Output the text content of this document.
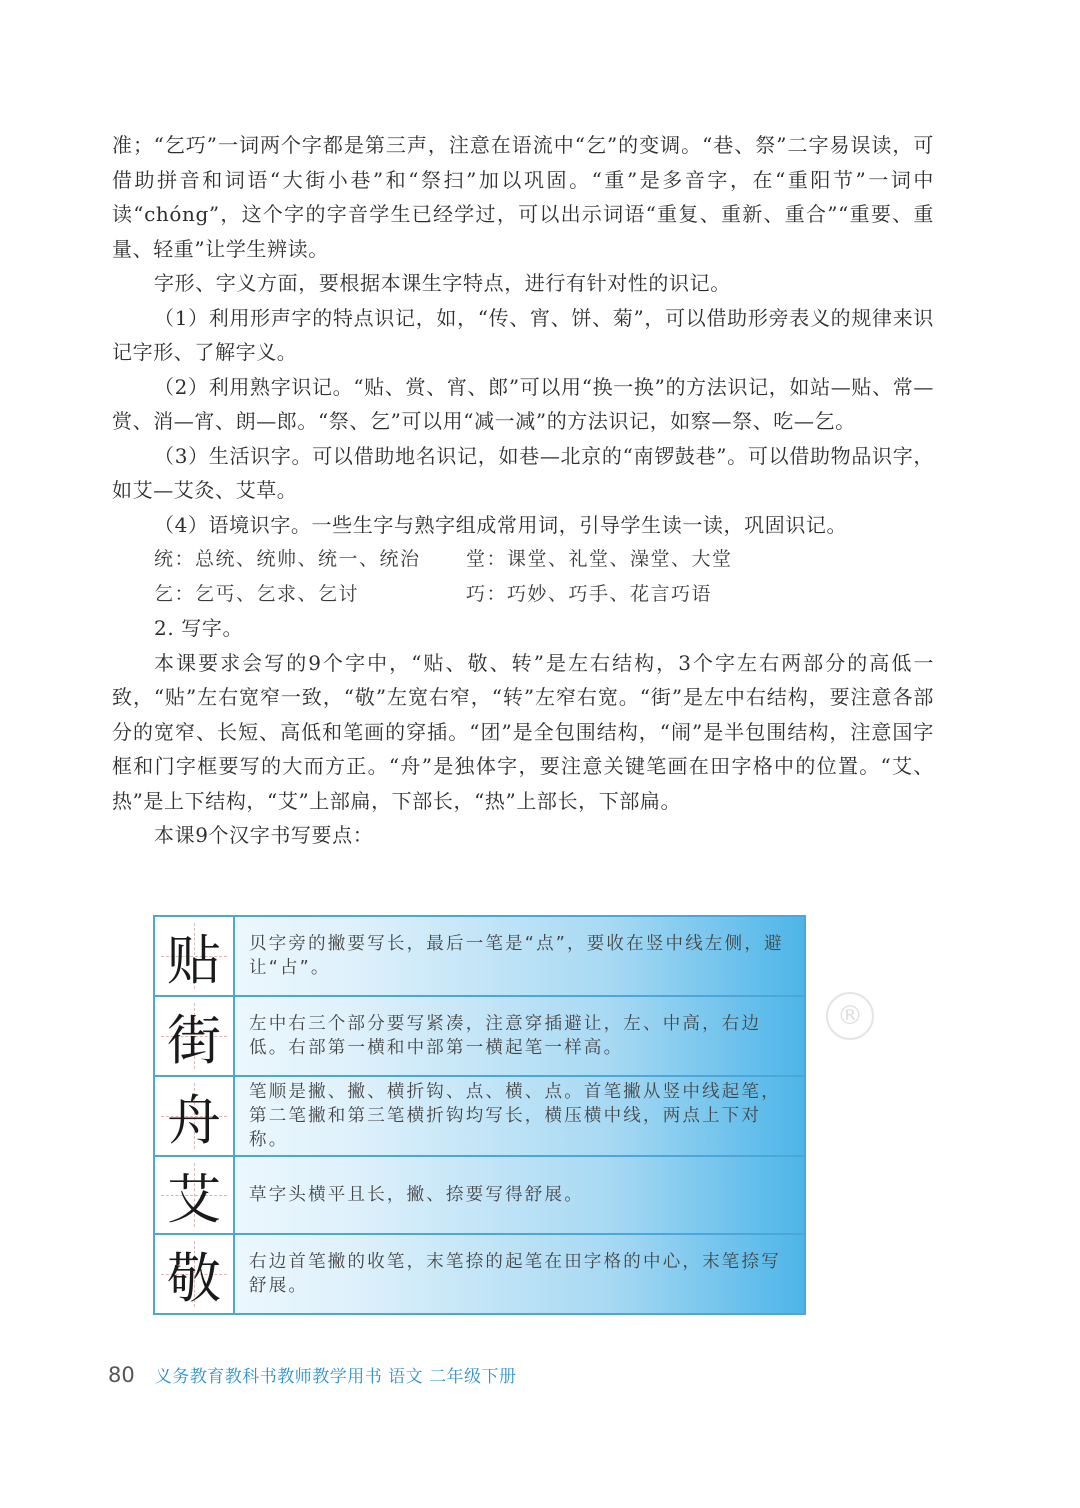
准；“乞巧”一词两个字都是第三声，注意在语流中“乞”的变调。“巷、祭”二字易误读，可借助拼音和词语“大街小巷”和“祭扫”加以巩固。“重”是多音字，在“重阳节”一词中读“chóng”，这个字的字音学生已经学过，可以出示词语“重复、重新、重合”“重要、重量、轻重”让学生辨读。

字形、字义方面，要根据本课生字特点，进行有针对性的识记。

（1）利用形声字的特点识记，如，“传、宵、饼、菊”，可以借助形旁表义的规律来识记字形、了解字义。

（2）利用熟字识记。“贴、赏、宵、郎”可以用“换一换”的方法识记，如站—贴、常—赏、消—宵、朗—郎。“祭、乞”可以用“减一减”的方法识记，如察—祭、吃—乞。

（3）生活识字。可以借助地名识记，如巷—北京的“南锣鼓巷”。可以借助物品识字，如艾—艾灸、艾草。

（4）语境识字。一些生字与熟字组成常用词，引导学生读一读，巩固识记。

统：总统、统帅、统一、统治	堂：课堂、礼堂、澡堂、大堂
乞：乞丐、乞求、乞讨	巧：巧妙、巧手、花言巧语

2. 写字。

本课要求会写的9个字中，“贴、敬、转”是左右结构，3个字左右两部分的高低一致，“贴”左右宽窄一致，“敬”左宽右窄，“转”左窄右宽。“街”是左中右结构，要注意各部分的宽窄、长短、高低和笔画的穿插。“团”是全包围结构，“闹”是半包围结构，注意国字框和门字框要写的大而方正。“舟”是独体字，要注意关键笔画在田字格中的位置。“艾、热”是上下结构，“艾”上部扁，下部长，“热”上部长，下部扁。

本课9个汉字书写要点：

贴	贝字旁的撇要写长，最后一笔是“点”，要收在竖中线左侧，避让“占”。
街	左中右三个部分要写紧凑，注意穿插避让，左、中高，右边低。右部第一横和中部第一横起笔一样高。
舟	笔顺是撇、撇、横折钩、点、横、点。首笔撇从竖中线起笔，第二笔撇和第三笔横折钩均写长，横压横中线，两点上下对称。
艾	草字头横平且长，撇、捺要写得舒展。
敬	右边首笔撇的收笔，末笔捺的起笔在田字格的中心，末笔捺写舒展。
®
80 义务教育教科书教师教学用书 语文 二年级下册
